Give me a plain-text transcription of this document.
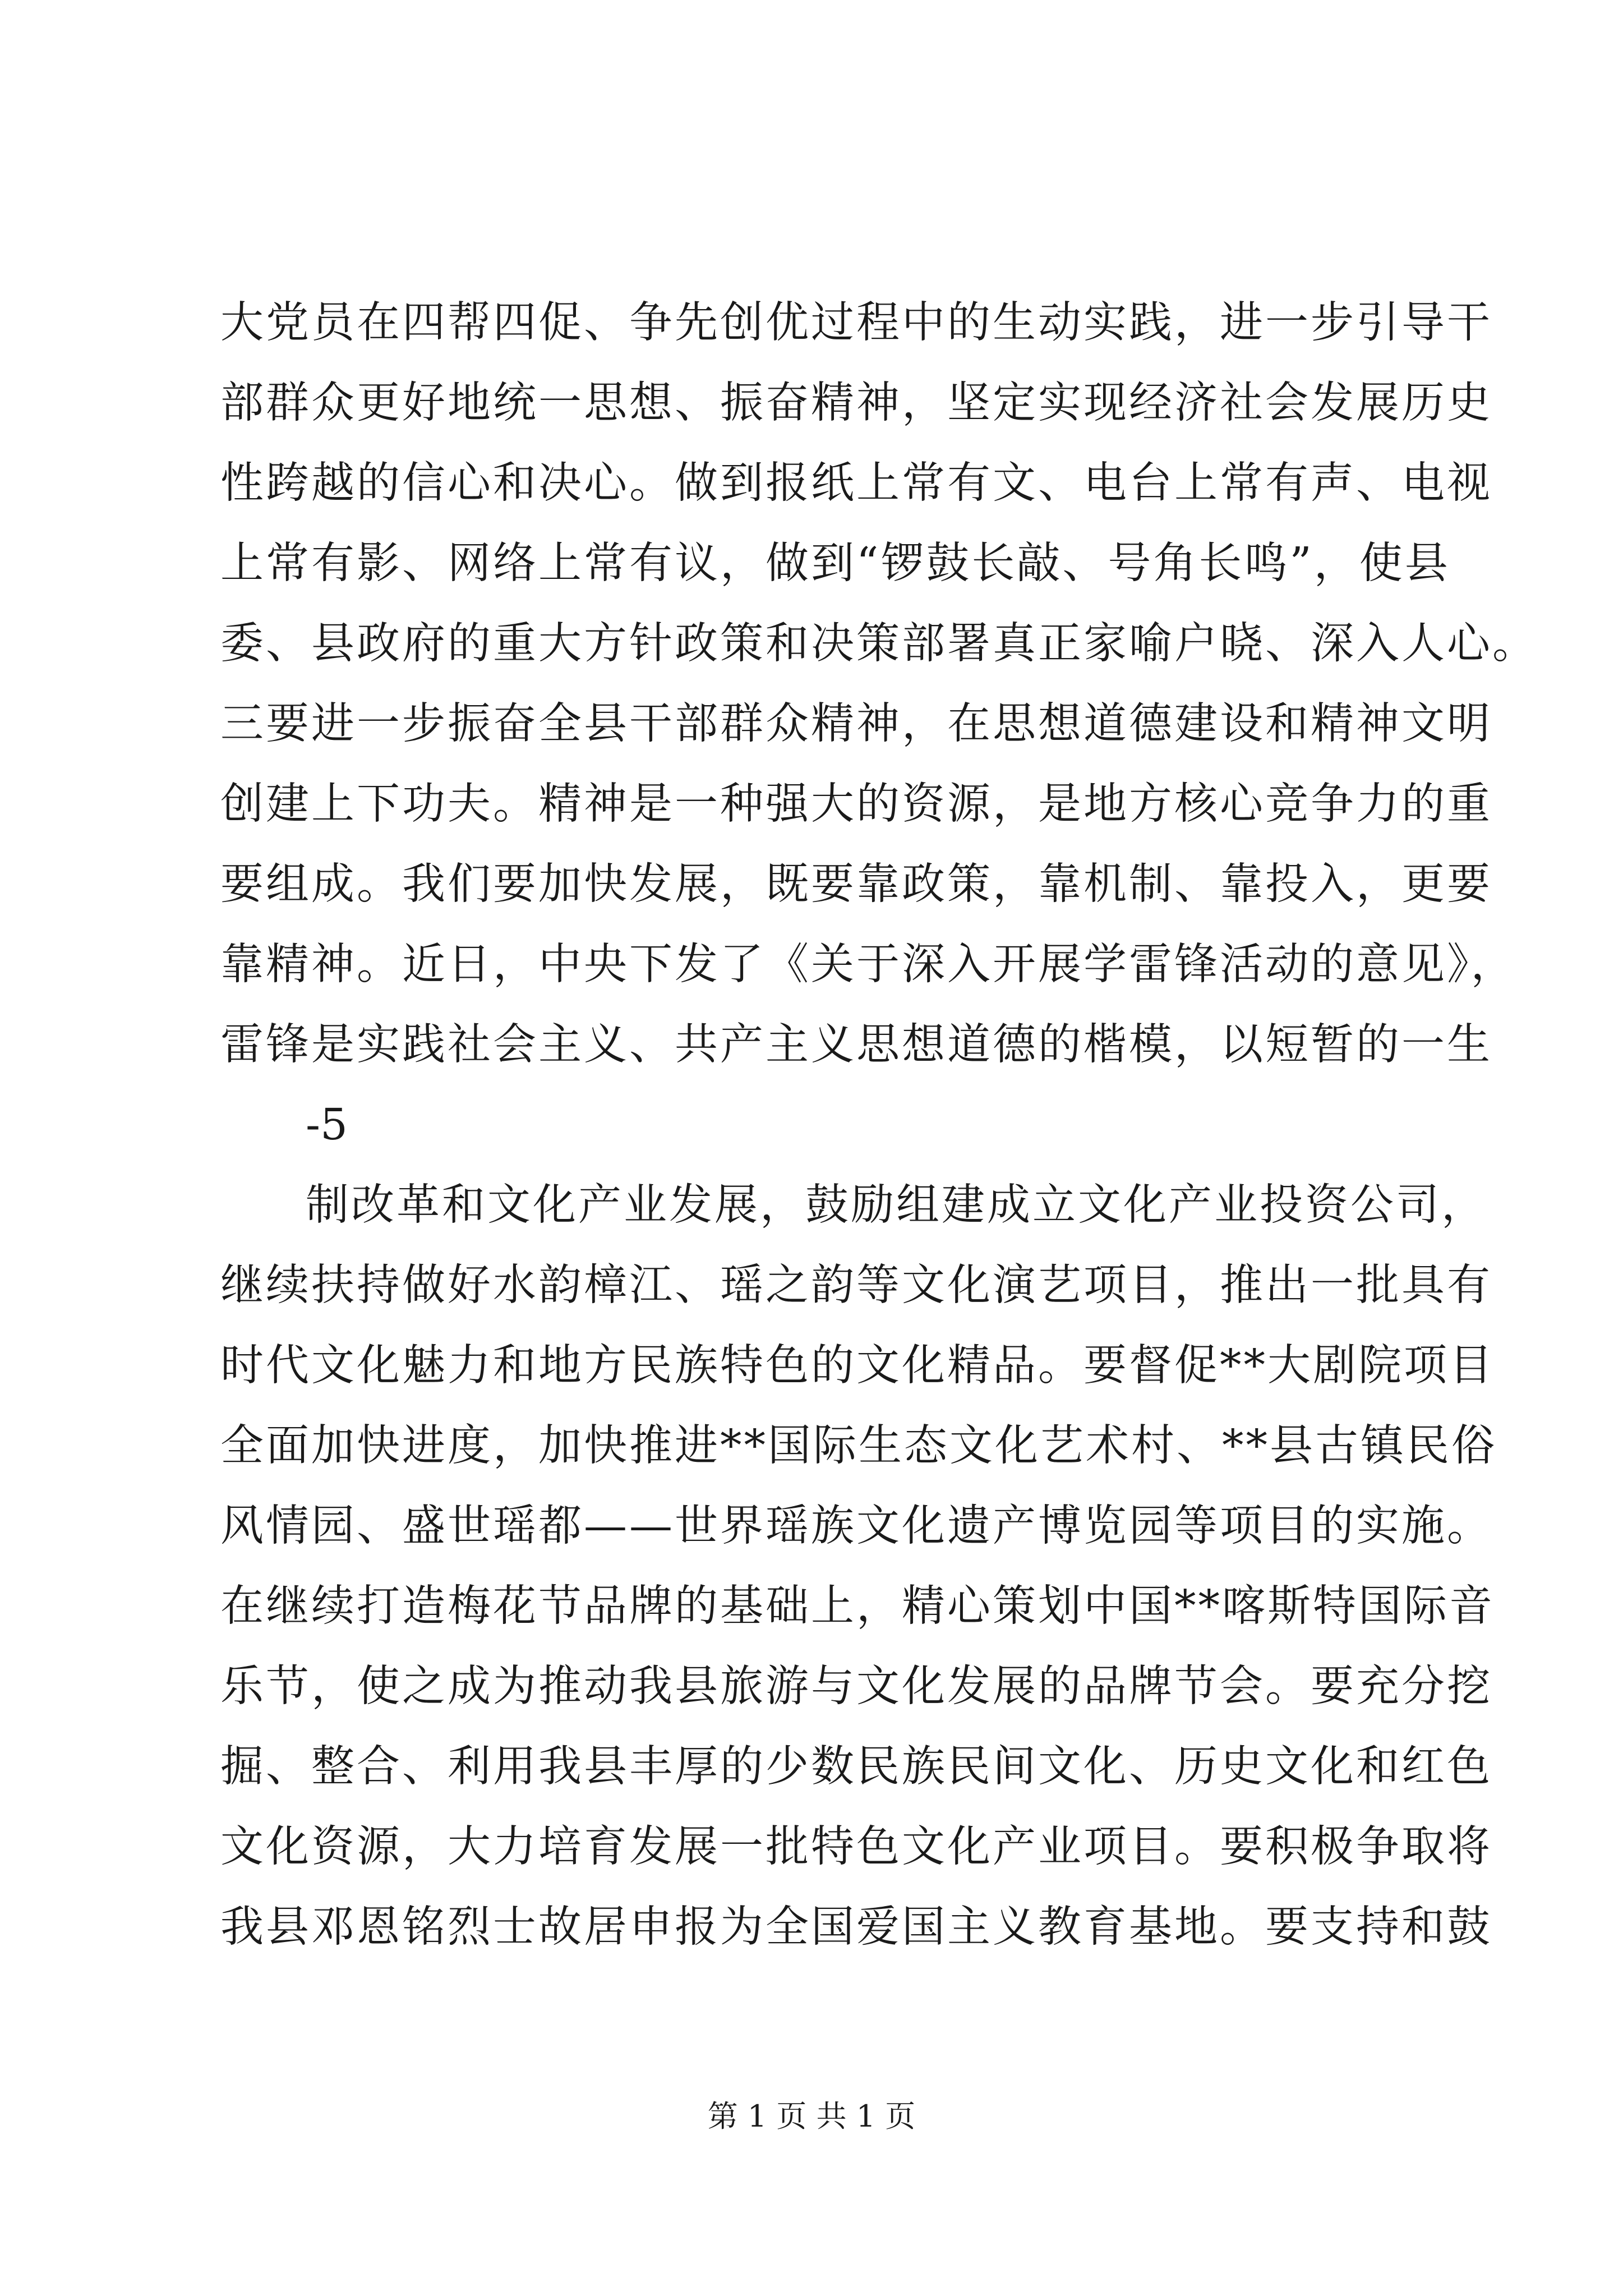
大党员在四帮四促、争先创优过程中的生动实践，进一步引导干
部群众更好地统一思想、振奋精神，坚定实现经济社会发展历史
性跨越的信心和决心。做到报纸上常有文、电台上常有声、电视
上常有影、网络上常有议，做到“锣鼓长敲、号角长鸣”，使县
委、县政府的重大方针政策和决策部署真正家喻户晓、深入人心。
三要进一步振奋全县干部群众精神，在思想道德建设和精神文明
创建上下功夫。精神是一种强大的资源，是地方核心竞争力的重
要组成。我们要加快发展，既要靠政策，靠机制、靠投入，更要
靠精神。近日，中央下发了《关于深入开展学雷锋活动的意见》，
雷锋是实践社会主义、共产主义思想道德的楷模，以短暂的一生
-5
制改革和文化产业发展，鼓励组建成立文化产业投资公司，
继续扶持做好水韵樟江、瑶之韵等文化演艺项目，推出一批具有
时代文化魅力和地方民族特色的文化精品。要督促**大剧院项目
全面加快进度，加快推进**国际生态文化艺术村、**县古镇民俗
风情园、盛世瑶都——世界瑶族文化遗产博览园等项目的实施。
在继续打造梅花节品牌的基础上，精心策划中国**喀斯特国际音
乐节，使之成为推动我县旅游与文化发展的品牌节会。要充分挖
掘、整合、利用我县丰厚的少数民族民间文化、历史文化和红色
文化资源，大力培育发展一批特色文化产业项目。要积极争取将
我县邓恩铭烈士故居申报为全国爱国主义教育基地。要支持和鼓
第 1 页 共 1 页
